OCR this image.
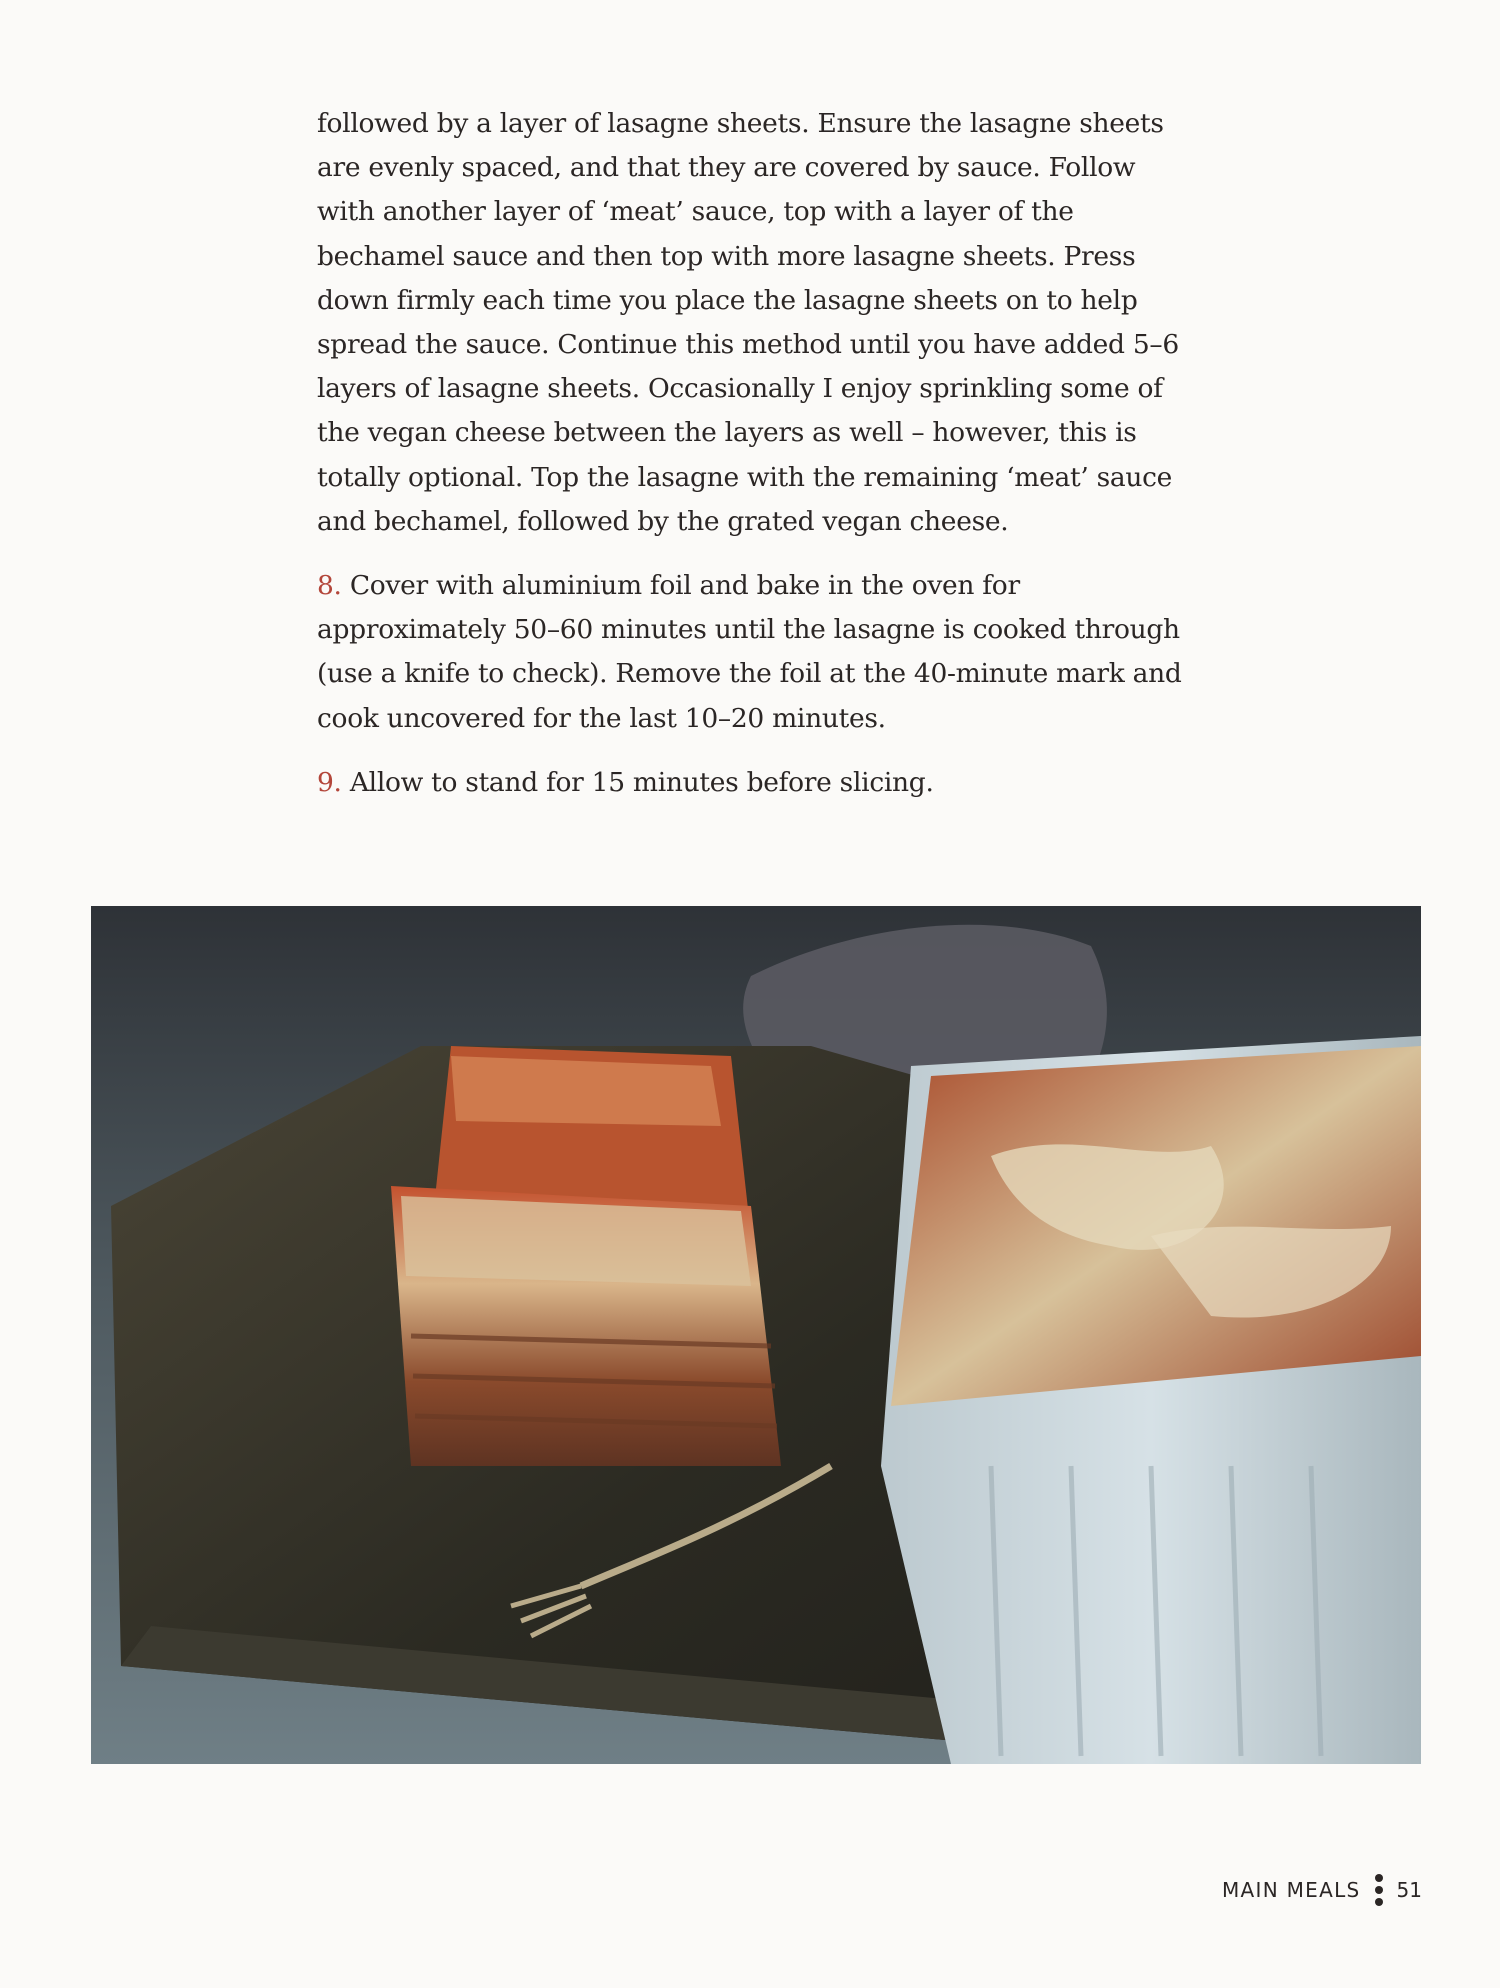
followed by a layer of lasagne sheets. Ensure the lasagne sheets are evenly spaced, and that they are covered by sauce. Follow with another layer of ‘meat’ sauce, top with a layer of the bechamel sauce and then top with more lasagne sheets. Press down firmly each time you place the lasagne sheets on to help spread the sauce. Continue this method until you have added 5–6 layers of lasagne sheets. Occasionally I enjoy sprinkling some of the vegan cheese between the layers as well – however, this is totally optional. Top the lasagne with the remaining ‘meat’ sauce and bechamel, followed by the grated vegan cheese.

8. Cover with aluminium foil and bake in the oven for approximately 50–60 minutes until the lasagne is cooked through (use a knife to check). Remove the foil at the 40-minute mark and cook uncovered for the last 10–20 minutes.

9. Allow to stand for 15 minutes before slicing.

MAIN MEALS 51
